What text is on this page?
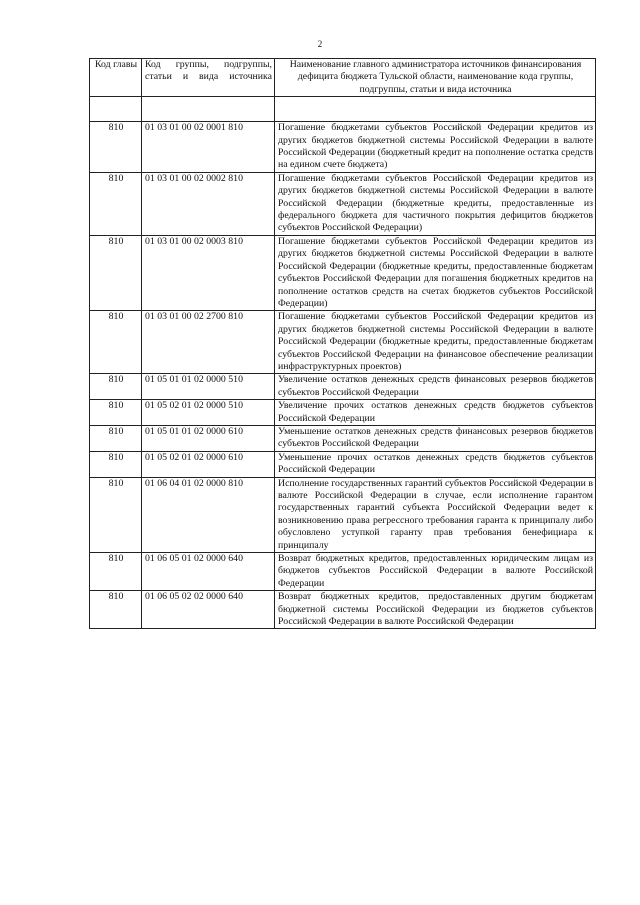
2
Код главы	Код группы, подгруппы, статьи и вида источника	Наименование главного администратора источников финансирования дефицита бюджета Тульской области, наименование кода группы, подгруппы, статьи и вида источника

810	01 03 01 00 02 0001 810	Погашение бюджетами субъектов Российской Федерации кредитов из других бюджетов бюджетной системы Российской Федерации в валюте Российской Федерации (бюджетный кредит на пополнение остатка средств на едином счете бюджета)
810	01 03 01 00 02 0002 810	Погашение бюджетами субъектов Российской Федерации кредитов из других бюджетов бюджетной системы Российской Федерации в валюте Российской Федерации (бюджетные кредиты, предоставленные из федерального бюджета для частичного покрытия дефицитов бюджетов субъектов Российской Федерации)
810	01 03 01 00 02 0003 810	Погашение бюджетами субъектов Российской Федерации кредитов из других бюджетов бюджетной системы Российской Федерации в валюте Российской Федерации (бюджетные кредиты, предоставленные бюджетам субъектов Российской Федерации для погашения бюджетных кредитов на пополнение остатков средств на счетах бюджетов субъектов Российской Федерации)
810	01 03 01 00 02 2700 810	Погашение бюджетами субъектов Российской Федерации кредитов из других бюджетов бюджетной системы Российской Федерации в валюте Российской Федерации (бюджетные кредиты, предоставленные бюджетам субъектов Российской Федерации на финансовое обеспечение реализации инфраструктурных проектов)
810	01 05 01 01 02 0000 510	Увеличение остатков денежных средств финансовых резервов бюджетов субъектов Российской Федерации
810	01 05 02 01 02 0000 510	Увеличение прочих остатков денежных средств бюджетов субъектов Российской Федерации
810	01 05 01 01 02 0000 610	Уменьшение остатков денежных средств финансовых резервов бюджетов субъектов Российской Федерации
810	01 05 02 01 02 0000 610	Уменьшение прочих остатков денежных средств бюджетов субъектов Российской Федерации
810	01 06 04 01 02 0000 810	Исполнение государственных гарантий субъектов Российской Федерации в валюте Российской Федерации в случае, если исполнение гарантом государственных гарантий субъекта Российской Федерации ведет к возникновению права регрессного требования гаранта к принципалу либо обусловлено уступкой гаранту прав требования бенефициара к принципалу
810	01 06 05 01 02 0000 640	Возврат бюджетных кредитов, предоставленных юридическим лицам из бюджетов субъектов Российской Федерации в валюте Российской Федерации
810	01 06 05 02 02 0000 640	Возврат бюджетных кредитов, предоставленных другим бюджетам бюджетной системы Российской Федерации из бюджетов субъектов Российской Федерации в валюте Российской Федерации
